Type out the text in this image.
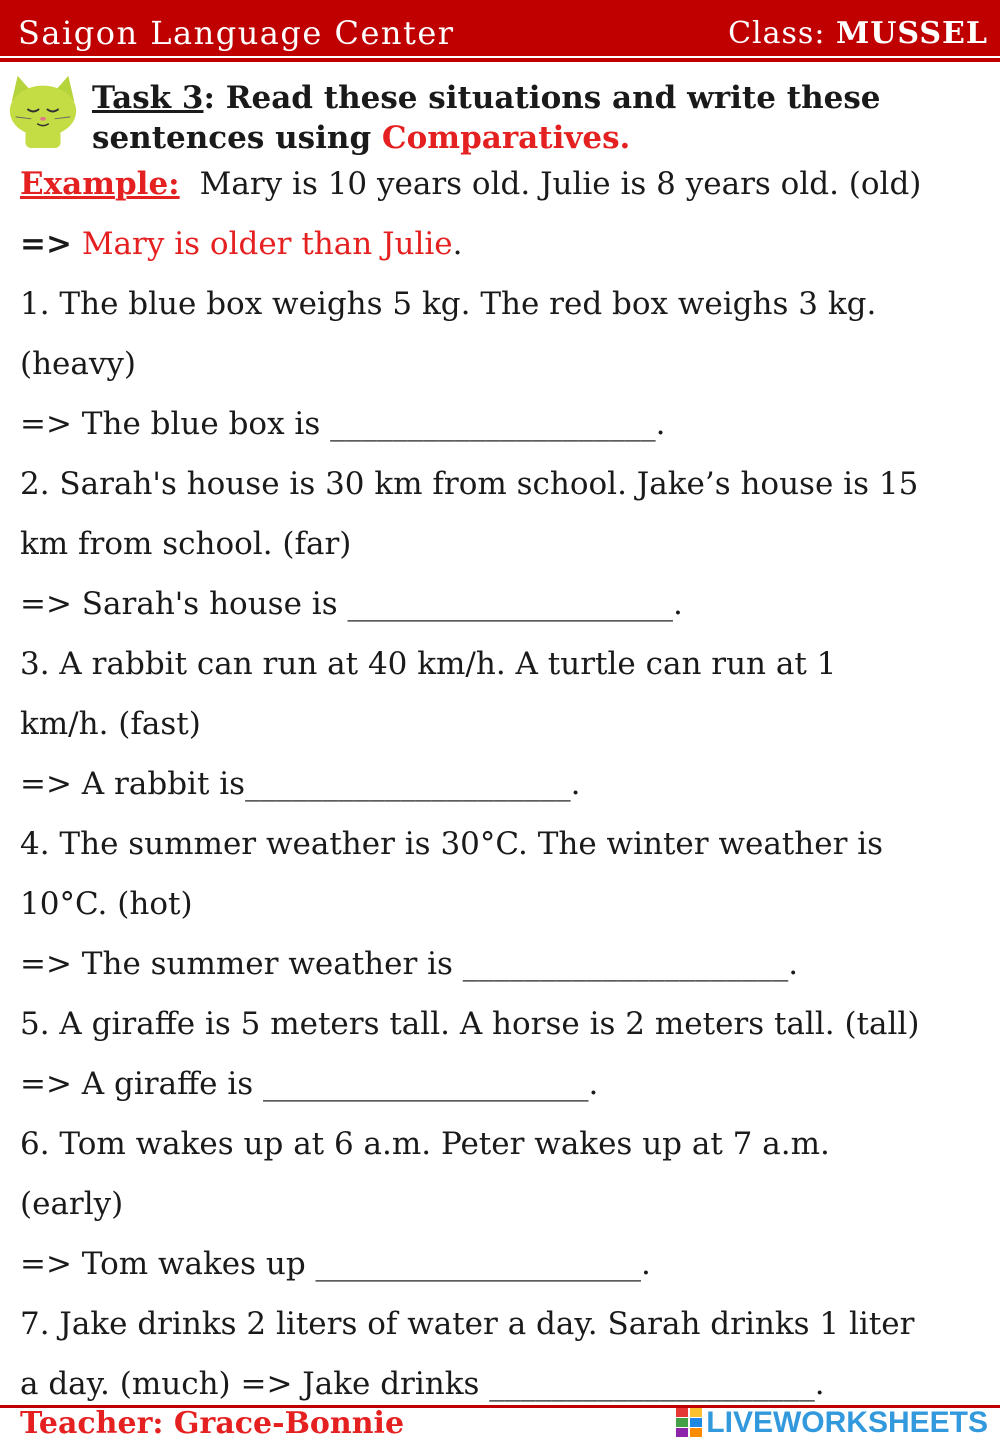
Saigon Language Center	Class: MUSSEL
Task 3: Read these situations and write these
sentences using Comparatives.
Example: Mary is 10 years old. Julie is 8 years old. (old)
=> Mary is older than Julie.
1. The blue box weighs 5 kg. The red box weighs 3 kg.
(heavy)
=> The blue box is _____________________.
2. Sarah's house is 30 km from school. Jake’s house is 15
km from school. (far)
=> Sarah's house is _____________________.
3. A rabbit can run at 40 km/h. A turtle can run at 1
km/h. (fast)
=> A rabbit is_____________________.
4. The summer weather is 30°C. The winter weather is
10°C. (hot)
=> The summer weather is _____________________.
5. A giraffe is 5 meters tall. A horse is 2 meters tall. (tall)
=> A giraffe is _____________________.
6. Tom wakes up at 6 a.m. Peter wakes up at 7 a.m.
(early)
=> Tom wakes up _____________________.
7. Jake drinks 2 liters of water a day. Sarah drinks 1 liter
a day. (much) => Jake drinks _____________________.
Teacher: Grace-Bonnie	LIVEWORKSHEETS
